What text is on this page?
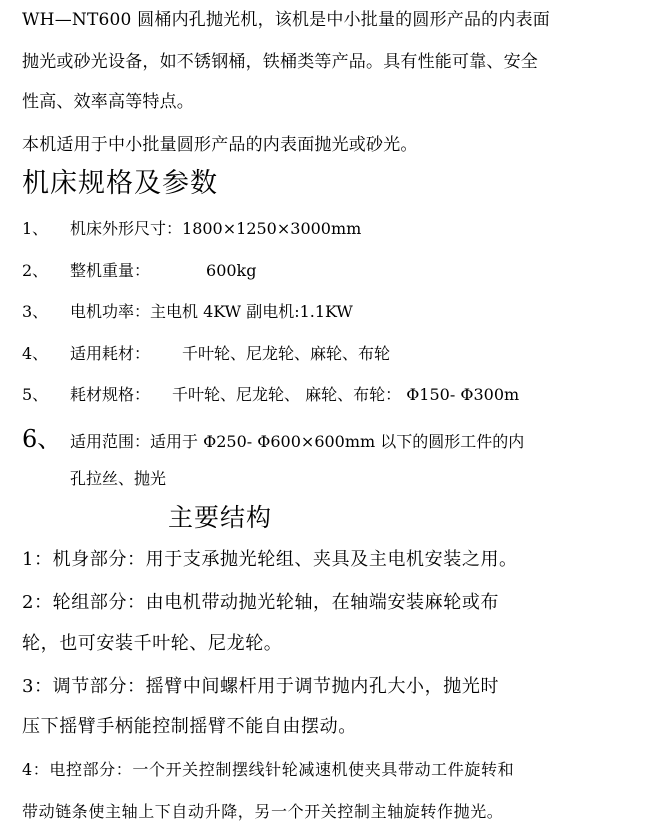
WH—NT600 圆桶内孔抛光机，该机是中小批量的圆形产品的内表面
抛光或砂光设备，如不锈钢桶，铁桶类等产品。具有性能可靠、安全
性高、效率高等特点。
本机适用于中小批量圆形产品的内表面抛光或砂光。
机床规格及参数
1、 机床外形尺寸：1800×1250×3000mm
2、 整机重量：	600kg
3、 电机功率：主电机 4KW 副电机:1.1KW
4、 适用耗材： 千叶轮、尼龙轮、麻轮、布轮
5、 耗材规格： 千叶轮、尼龙轮、 麻轮、布轮： Φ150- Φ300m
6、 适用范围：适用于 Φ250- Φ600×600mm 以下的圆形工件的内
孔拉丝、抛光
主要结构
1：机身部分：用于支承抛光轮组、夹具及主电机安装之用。
2：轮组部分：由电机带动抛光轮轴，在轴端安装麻轮或布
轮，也可安装千叶轮、尼龙轮。
3：调节部分：摇臂中间螺杆用于调节抛内孔大小，抛光时
压下摇臂手柄能控制摇臂不能自由摆动。
4：电控部分：一个开关控制摆线针轮减速机使夹具带动工件旋转和
带动链条使主轴上下自动升降，另一个开关控制主轴旋转作抛光。
